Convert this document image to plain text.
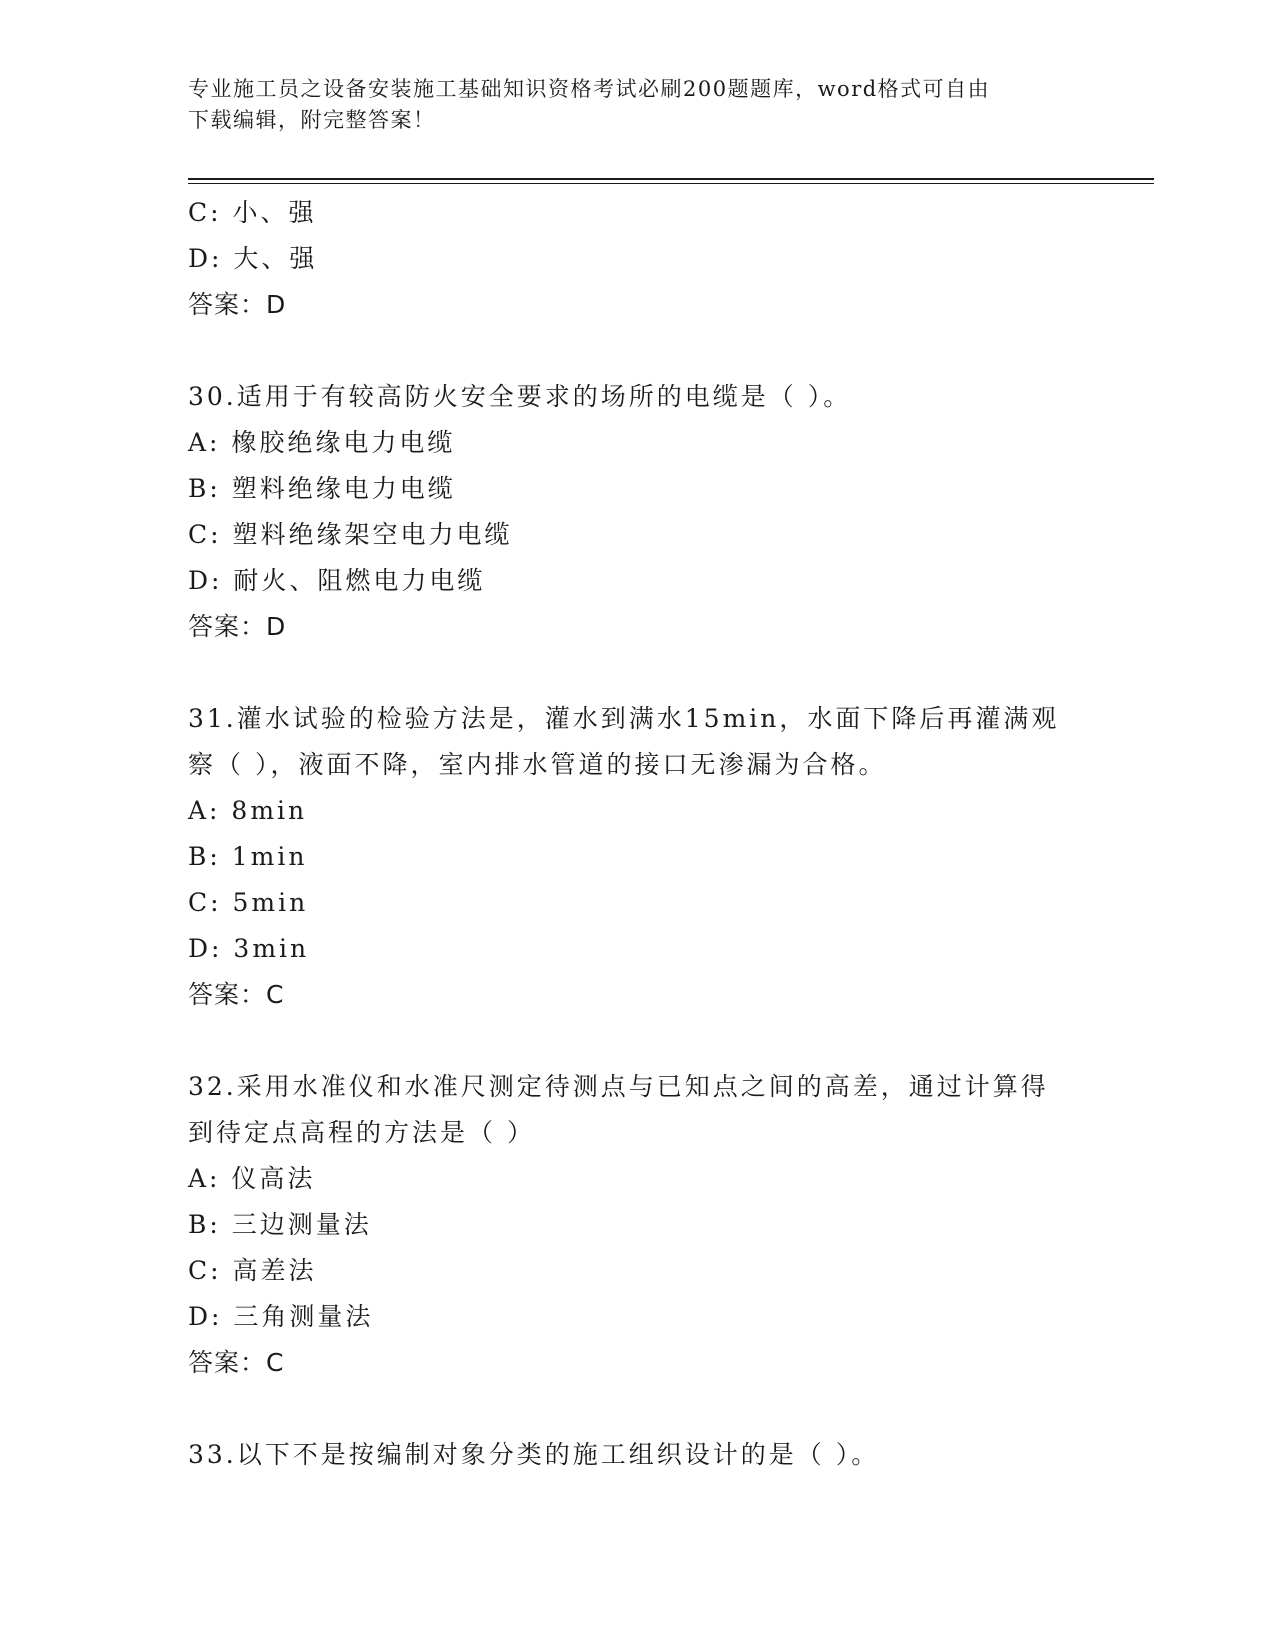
专业施工员之设备安装施工基础知识资格考试必刷200题题库，word格式可自由
下载编辑，附完整答案！
C: 小、强
D: 大、强
答案：D
30.适用于有较高防火安全要求的场所的电缆是（ ）。
A: 橡胶绝缘电力电缆
B: 塑料绝缘电力电缆
C: 塑料绝缘架空电力电缆
D: 耐火、阻燃电力电缆
答案：D
31.灌水试验的检验方法是，灌水到满水15min，水面下降后再灌满观
察（ ），液面不降，室内排水管道的接口无渗漏为合格。
A: 8min
B: 1min
C: 5min
D: 3min
答案：C
32.采用水准仪和水准尺测定待测点与已知点之间的高差，通过计算得
到待定点高程的方法是（ ）
A: 仪高法
B: 三边测量法
C: 高差法
D: 三角测量法
答案：C
33.以下不是按编制对象分类的施工组织设计的是（ ）。
